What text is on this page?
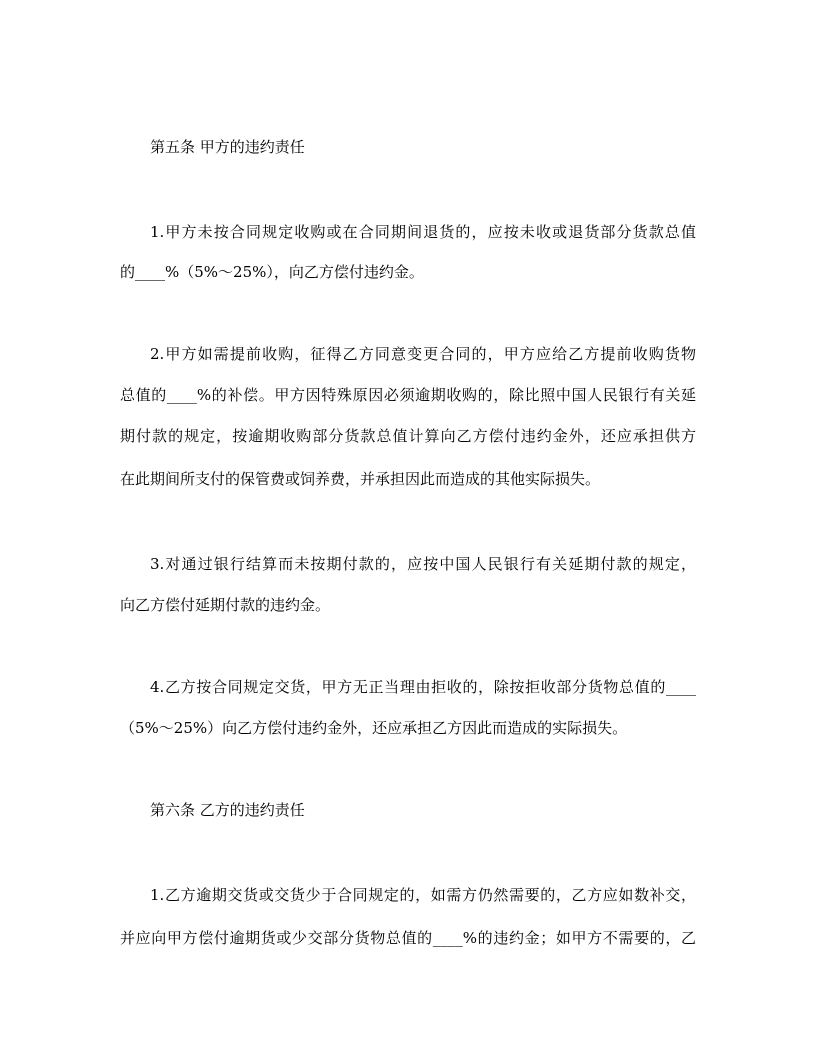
第五条 甲方的违约责任
1.甲方未按合同规定收购或在合同期间退货的，应按未收或退货部分货款总值
的____%（5%～25%），向乙方偿付违约金。
2.甲方如需提前收购，征得乙方同意变更合同的，甲方应给乙方提前收购货物
总值的____%的补偿。甲方因特殊原因必须逾期收购的，除比照中国人民银行有关延
期付款的规定，按逾期收购部分货款总值计算向乙方偿付违约金外，还应承担供方
在此期间所支付的保管费或饲养费，并承担因此而造成的其他实际损失。
3.对通过银行结算而未按期付款的，应按中国人民银行有关延期付款的规定，
向乙方偿付延期付款的违约金。
4.乙方按合同规定交货，甲方无正当理由拒收的，除按拒收部分货物总值的____
（5%～25%）向乙方偿付违约金外，还应承担乙方因此而造成的实际损失。
第六条 乙方的违约责任
1.乙方逾期交货或交货少于合同规定的，如需方仍然需要的，乙方应如数补交，
并应向甲方偿付逾期货或少交部分货物总值的____%的违约金；如甲方不需要的，乙
